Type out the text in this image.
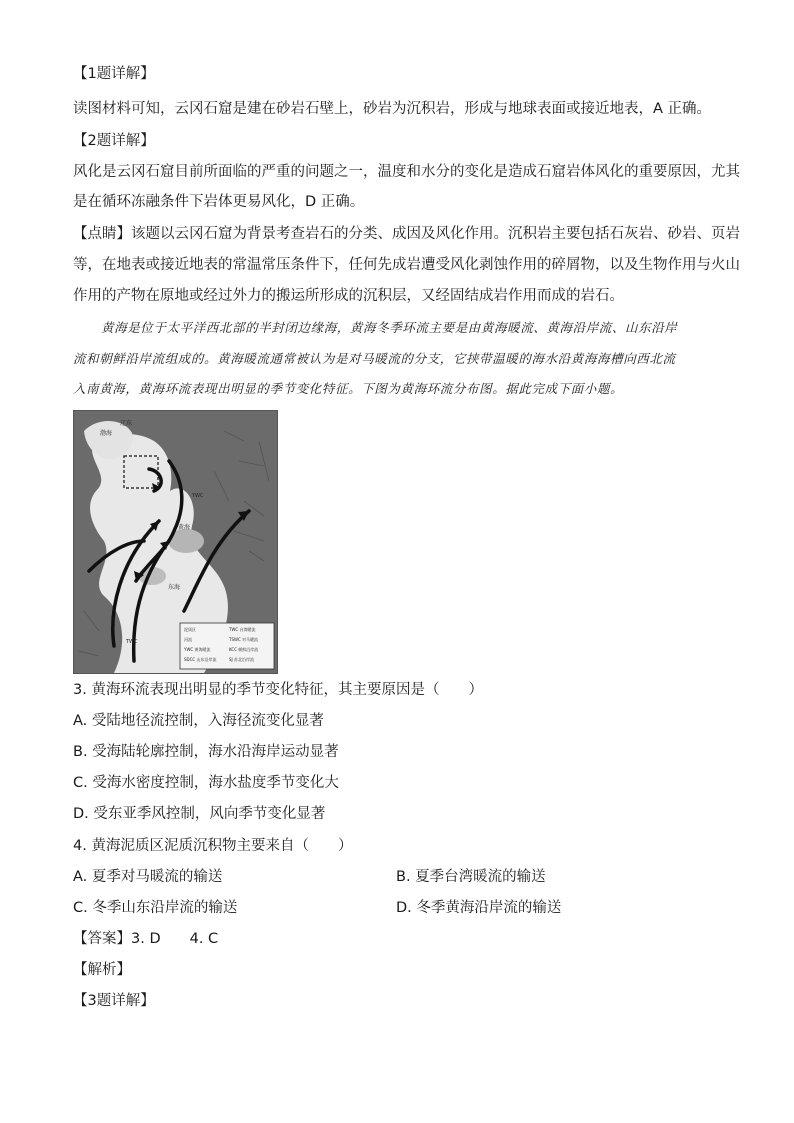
【1题详解】
读图材料可知，云冈石窟是建在砂岩石壁上，砂岩为沉积岩，形成与地球表面或接近地表，A 正确。
【2题详解】
风化是云冈石窟目前所面临的严重的问题之一，温度和水分的变化是造成石窟岩体风化的重要原因，尤其
是在循环冻融条件下岩体更易风化，D 正确。
【点睛】该题以云冈石窟为背景考查岩石的分类、成因及风化作用。沉积岩主要包括石灰岩、砂岩、页岩
等，在地表或接近地表的常温常压条件下，任何先成岩遭受风化剥蚀作用的碎屑物，以及生物作用与火山
作用的产物在原地或经过外力的搬运所形成的沉积层，又经固结成岩作用而成的岩石。
黄海是位于太平洋西北部的半封闭边缘海，黄海冬季环流主要是由黄海暖流、黄海沿岸流、山东沿岸
流和朝鲜沿岸流组成的。黄海暖流通常被认为是对马暖流的分支，它挟带温暖的海水沿黄海海槽向西北流
入南黄海，黄海环流表现出明显的季节变化特征。下图为黄海环流分布图。据此完成下面小题。
渤海
辽东
黄海
东海
TWC
YWC
泥质区
河流
YWC 黄海暖流
SDCC 山东沿岸流
TWC 台湾暖流
TSWC 对马暖流
KCC 朝鲜沿岸流
SJ 苏北沿岸流
3. 黄海环流表现出明显的季节变化特征，其主要原因是（　　）
A. 受陆地径流控制，入海径流变化显著
B. 受海陆轮廓控制，海水沿海岸运动显著
C. 受海水密度控制，海水盐度季节变化大
D. 受东亚季风控制，风向季节变化显著
4. 黄海泥质区泥质沉积物主要来自（　　）
A. 夏季对马暖流的输送	B. 夏季台湾暖流的输送
C. 冬季山东沿岸流的输送	D. 冬季黄海沿岸流的输送
【答案】3. D　　4. C
【解析】
【3题详解】
